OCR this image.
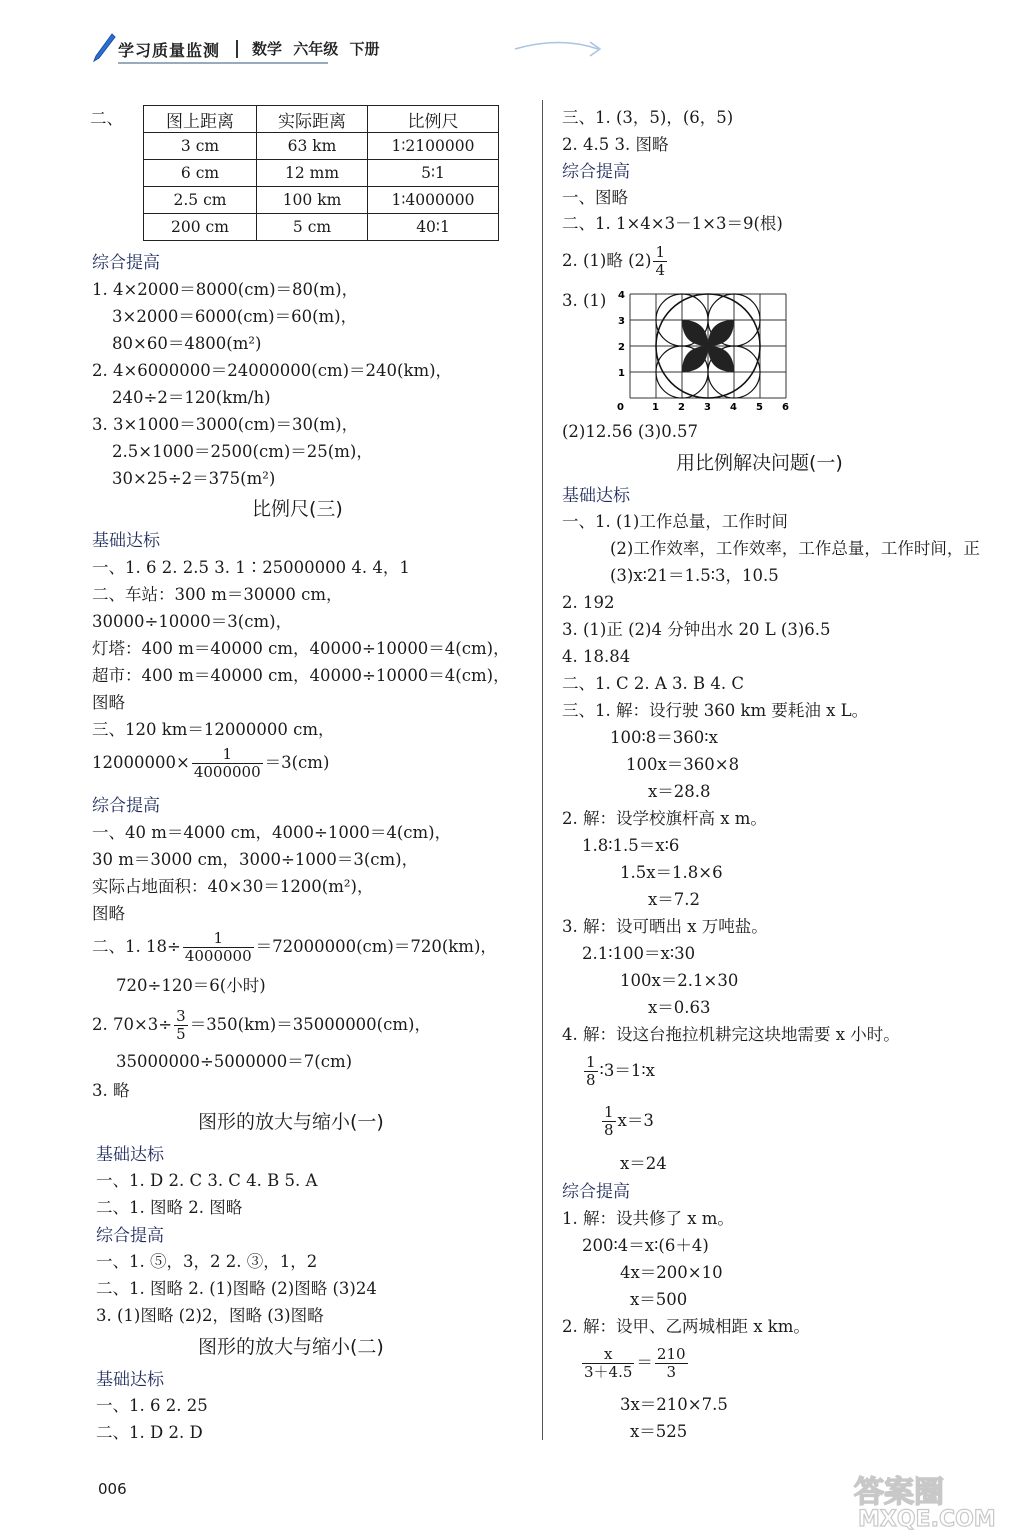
学习质量监测 数学 六年级 下册
二、	图上距离	实际距离	比例尺
3 cm	63 km	1∶2100000
6 cm	12 mm	5∶1
2.5 cm	100 km	1∶4000000
200 cm	5 cm	40∶1
综合提高
1. 4×2000＝8000(cm)＝80(m)，
3×2000＝6000(cm)＝60(m)，
80×60＝4800(m²)
2. 4×6000000＝24000000(cm)＝240(km)，
240÷2＝120(km/h)
3. 3×1000＝3000(cm)＝30(m)，
2.5×1000＝2500(cm)＝25(m)，
30×25÷2＝375(m²)
比例尺(三)
基础达标
一、1. 6 2. 2.5 3. 1∶25000000 4. 4，1
二、车站：300 m＝30000 cm，
30000÷10000＝3(cm)，
灯塔：400 m＝40000 cm，40000÷10000＝4(cm)，
超市：400 m＝40000 cm，40000÷10000＝4(cm)，
图略
三、120 km＝12000000 cm，
$12000000\times \frac{1}{4000000} =3(cm)$
综合提高
一、40 m＝4000 cm，4000÷1000＝4(cm)，
30 m＝3000 cm，3000÷1000＝3(cm)，
实际占地面积：40×30＝1200(m²)，
图略
二、1. $18\div \frac{1}{4000000} =72000000(cm)=720(km)$，
720÷120＝6(小时)
2. $70\times 3\div \frac{3}{5} =350(km)=35000000(cm)$，
35000000÷5000000＝7(cm)
3. 略
图形的放大与缩小(一)
基础达标
一、1. D 2. C 3. C 4. B 5. A
二、1. 图略 2. 图略
综合提高
一、1. ⑤，3，2 2. ③，1，2
二、1. 图略 2. (1)图略 (2)图略 (3)24
3. (1)图略 (2)2，图略 (3)图略
图形的放大与缩小(二)
基础达标
一、1. 6 2. 25
二、1. D 2. D
三、1. (3，5)，(6，5)
2. 4.5 3. 图略
综合提高
一、图略
二、1. 1×4×3－1×3＝9(根)
2. (1)略 $(2) \frac{1}{4}$
3. (1)
0	1 2 3 4 5 6
1
2
3
4
(2)12.56 (3)0.57
用比例解决问题(一)
基础达标
一、1. (1)工作总量，工作时间
(2)工作效率，工作效率，工作总量，工作时间，正
(3)x∶21＝1.5∶3，10.5
2. 192
3. (1)正 (2)4 分钟出水 20 L (3)6.5
4. 18.84
二、1. C 2. A 3. B 4. C
三、1. 解：设行驶 360 km 要耗油 x L。
100∶8＝360∶x
100x＝360×8
x＝28.8
2. 解：设学校旗杆高 x m。
1.8∶1.5＝x∶6
1.5x＝1.8×6
x＝7.2
3. 解：设可晒出 x 万吨盐。
2.1∶100＝x∶30
100x＝2.1×30
x＝0.63
4. 解：设这台拖拉机耕完这块地需要 x 小时。
$\frac{1}{8}$ ∶3＝1∶x
$\frac{1}{8} x=3$
x＝24
综合提高
1. 解：设共修了 x m。
200∶4＝x∶(6＋4)
4x＝200×10
x＝500
2. 解：设甲、乙两城相距 x km。
$\frac{x}{3+4.5} = \frac{210}{3}$
3x＝210×7.5
x＝525
006	答案圈
MXQE.COM
